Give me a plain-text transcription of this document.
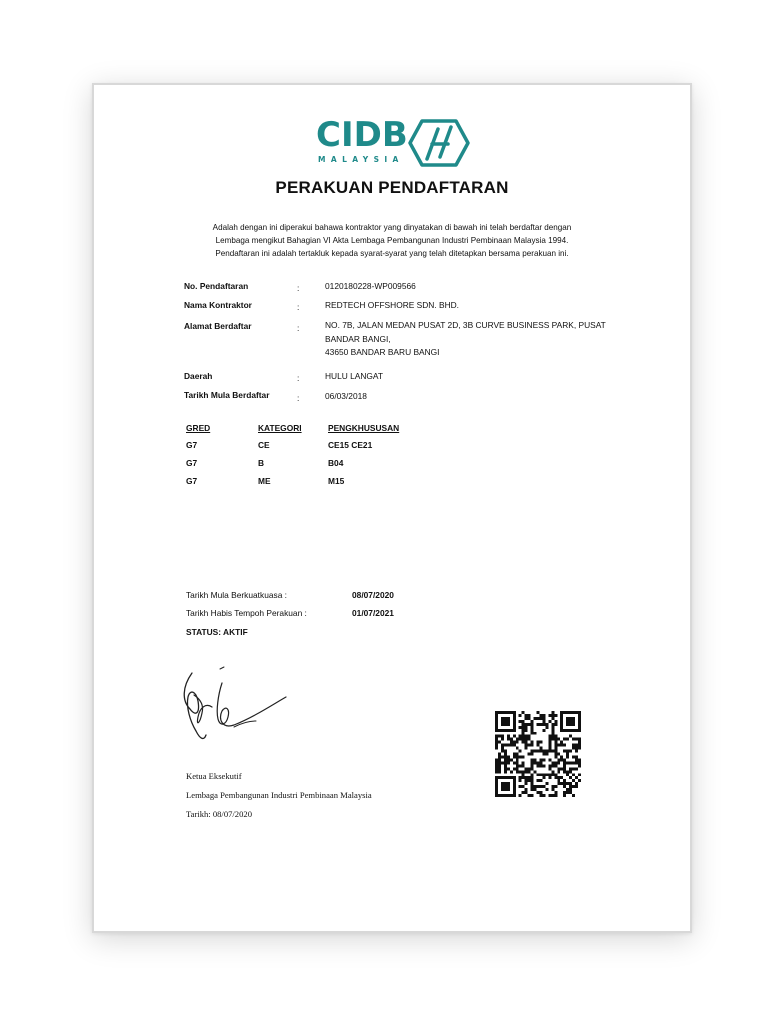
CIDB
MALAYSIA
PERAKUAN PENDAFTARAN
Adalah dengan ini diperakui bahawa kontraktor yang dinyatakan di bawah ini telah berdaftar dengan
Lembaga mengikut Bahagian VI Akta Lembaga Pembangunan Industri Pembinaan Malaysia 1994.
Pendaftaran ini adalah tertakluk kepada syarat-syarat yang telah ditetapkan bersama perakuan ini.
No. Pendaftaran	:	0120180228-WP009566
Nama Kontraktor	:	REDTECH OFFSHORE SDN. BHD.
Alamat Berdaftar	:	NO. 7B, JALAN MEDAN PUSAT 2D, 3B CURVE BUSINESS PARK, PUSAT
BANDAR BANGI,
43650 BANDAR BARU BANGI
Daerah	:	HULU LANGAT
Tarikh Mula Berdaftar	:	06/03/2018
GRED	KATEGORI	PENGKHUSUSAN
G7	CE	CE15 CE21
G7	B	B04
G7	ME	M15
Tarikh Mula Berkuatkuasa :	08/07/2020
Tarikh Habis Tempoh Perakuan :	01/07/2021
STATUS: AKTIF
Ketua Eksekutif
Lembaga Pembangunan Industri Pembinaan Malaysia
Tarikh: 08/07/2020
